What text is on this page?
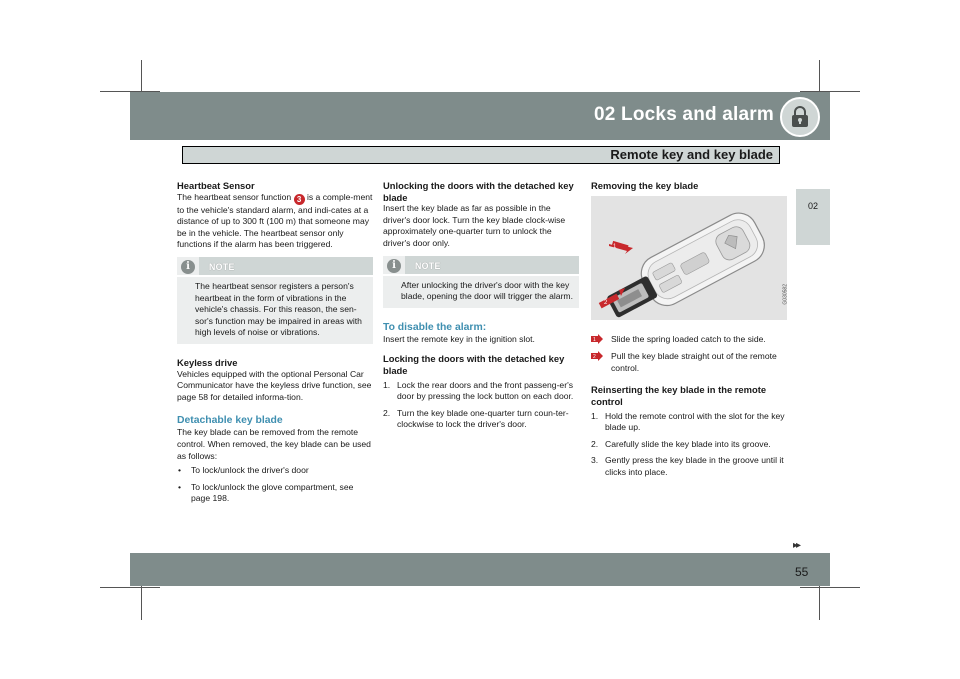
02 Locks and alarm
Remote key and key blade
02
Heartbeat Sensor

The heartbeat sensor function 3 is a comple-ment to the vehicle's standard alarm, and indi-cates at a distance of up to 300 ft (100 m) that someone may be in the vehicle. The heartbeat sensor only functions if the alarm has been triggered.

i	NOTE
The heartbeat sensor registers a person's heartbeat in the form of vibrations in the vehicle's chassis. For this reason, the sen-sor's function may be impaired in areas with high levels of noise or vibrations.
Keyless drive

Vehicles equipped with the optional Personal Car Communicator have the keyless drive function, see page 58 for detailed informa-tion.

Detachable key blade

The key blade can be removed from the remote control. When removed, the key blade can be used as follows:

• To lock/unlock the driver's door
• To lock/unlock the glove compartment, see page 198.
Unlocking the doors with the detached key blade

Insert the key blade as far as possible in the driver's door lock. Turn the key blade clock-wise approximately one-quarter turn to unlock the driver's door only.

i	NOTE
After unlocking the driver's door with the key blade, opening the door will trigger the alarm.
To disable the alarm:

Insert the remote key in the ignition slot.

Locking the doors with the detached key blade
1. Lock the rear doors and the front passeng-er's door by pressing the lock button on each door.
2. Turn the key blade one-quarter turn coun-ter-clockwise to lock the driver's door.
Removing the key blade
1
2	G030582
1 Slide the spring loaded catch to the side.
2 Pull the key blade straight out of the remote control.
Reinserting the key blade in the remote control
1. Hold the remote control with the slot for the key blade up.
2. Carefully slide the key blade into its groove.
3. Gently press the key blade in the groove until it clicks into place.
▸▸
55
